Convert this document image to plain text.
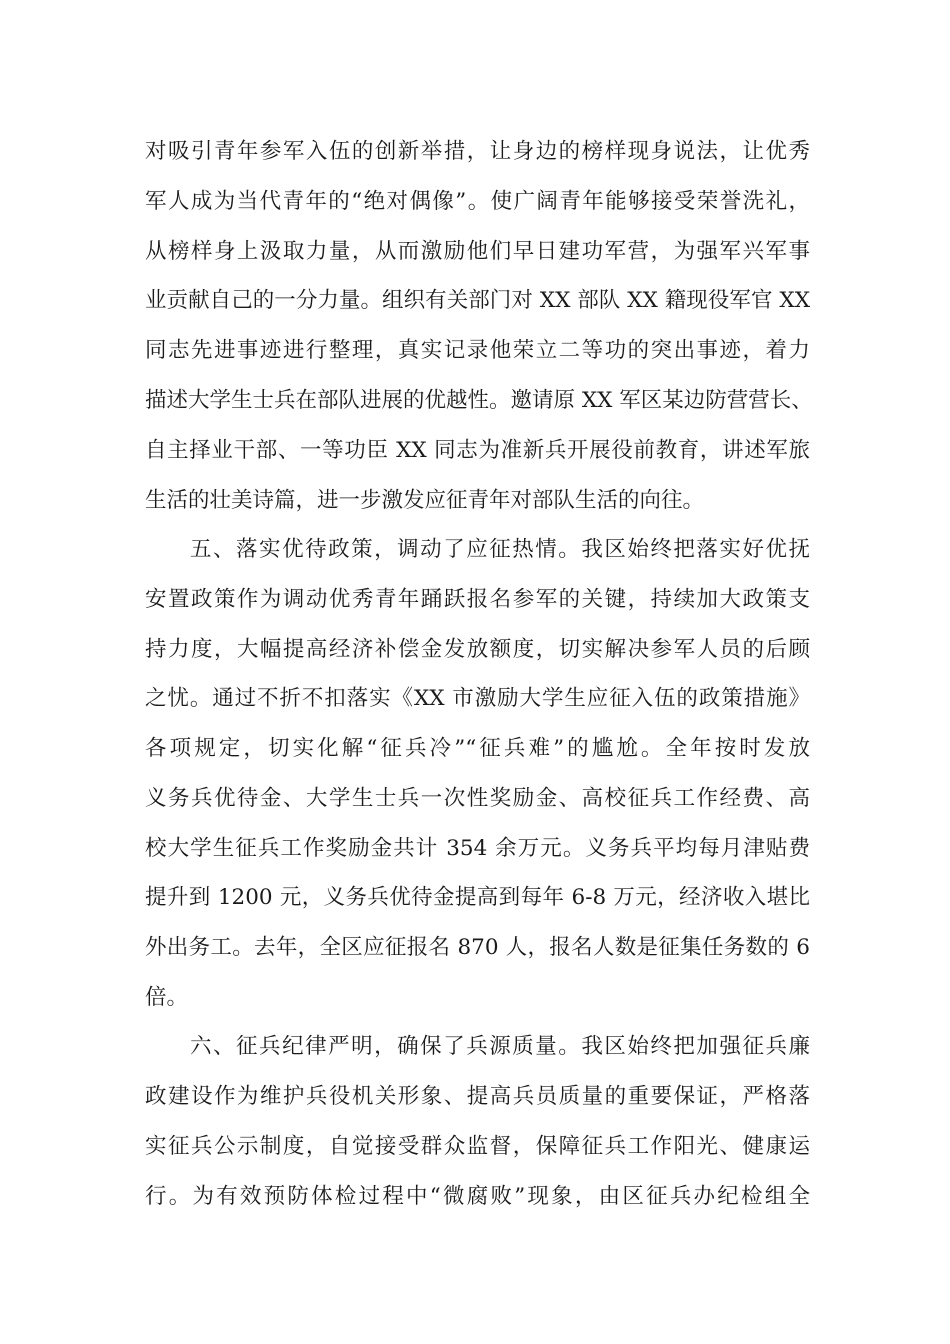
对吸引青年参军入伍的创新举措，让身边的榜样现身说法，让优秀
军人成为当代青年的“绝对偶像”。使广阔青年能够接受荣誉洗礼，
从榜样身上汲取力量，从而激励他们早日建功军营，为强军兴军事
业贡献自己的一分力量。组织有关部门对 XX 部队 XX 籍现役军官 XX
同志先进事迹进行整理，真实记录他荣立二等功的突出事迹，着力
描述大学生士兵在部队进展的优越性。邀请原 XX 军区某边防营营长、
自主择业干部、一等功臣 XX 同志为准新兵开展役前教育，讲述军旅
生活的壮美诗篇，进一步激发应征青年对部队生活的向往。
五、落实优待政策，调动了应征热情。我区始终把落实好优抚
安置政策作为调动优秀青年踊跃报名参军的关键，持续加大政策支
持力度，大幅提高经济补偿金发放额度，切实解决参军人员的后顾
之忧。通过不折不扣落实《XX 市激励大学生应征入伍的政策措施》
各项规定，切实化解“征兵冷”“征兵难”的尴尬。全年按时发放
义务兵优待金、大学生士兵一次性奖励金、高校征兵工作经费、高
校大学生征兵工作奖励金共计 354 余万元。义务兵平均每月津贴费
提升到 1200 元，义务兵优待金提高到每年 6-8 万元，经济收入堪比
外出务工。去年，全区应征报名 870 人，报名人数是征集任务数的 6
倍。
六、征兵纪律严明，确保了兵源质量。我区始终把加强征兵廉
政建设作为维护兵役机关形象、提高兵员质量的重要保证，严格落
实征兵公示制度，自觉接受群众监督，保障征兵工作阳光、健康运
行。为有效预防体检过程中“微腐败”现象，由区征兵办纪检组全
